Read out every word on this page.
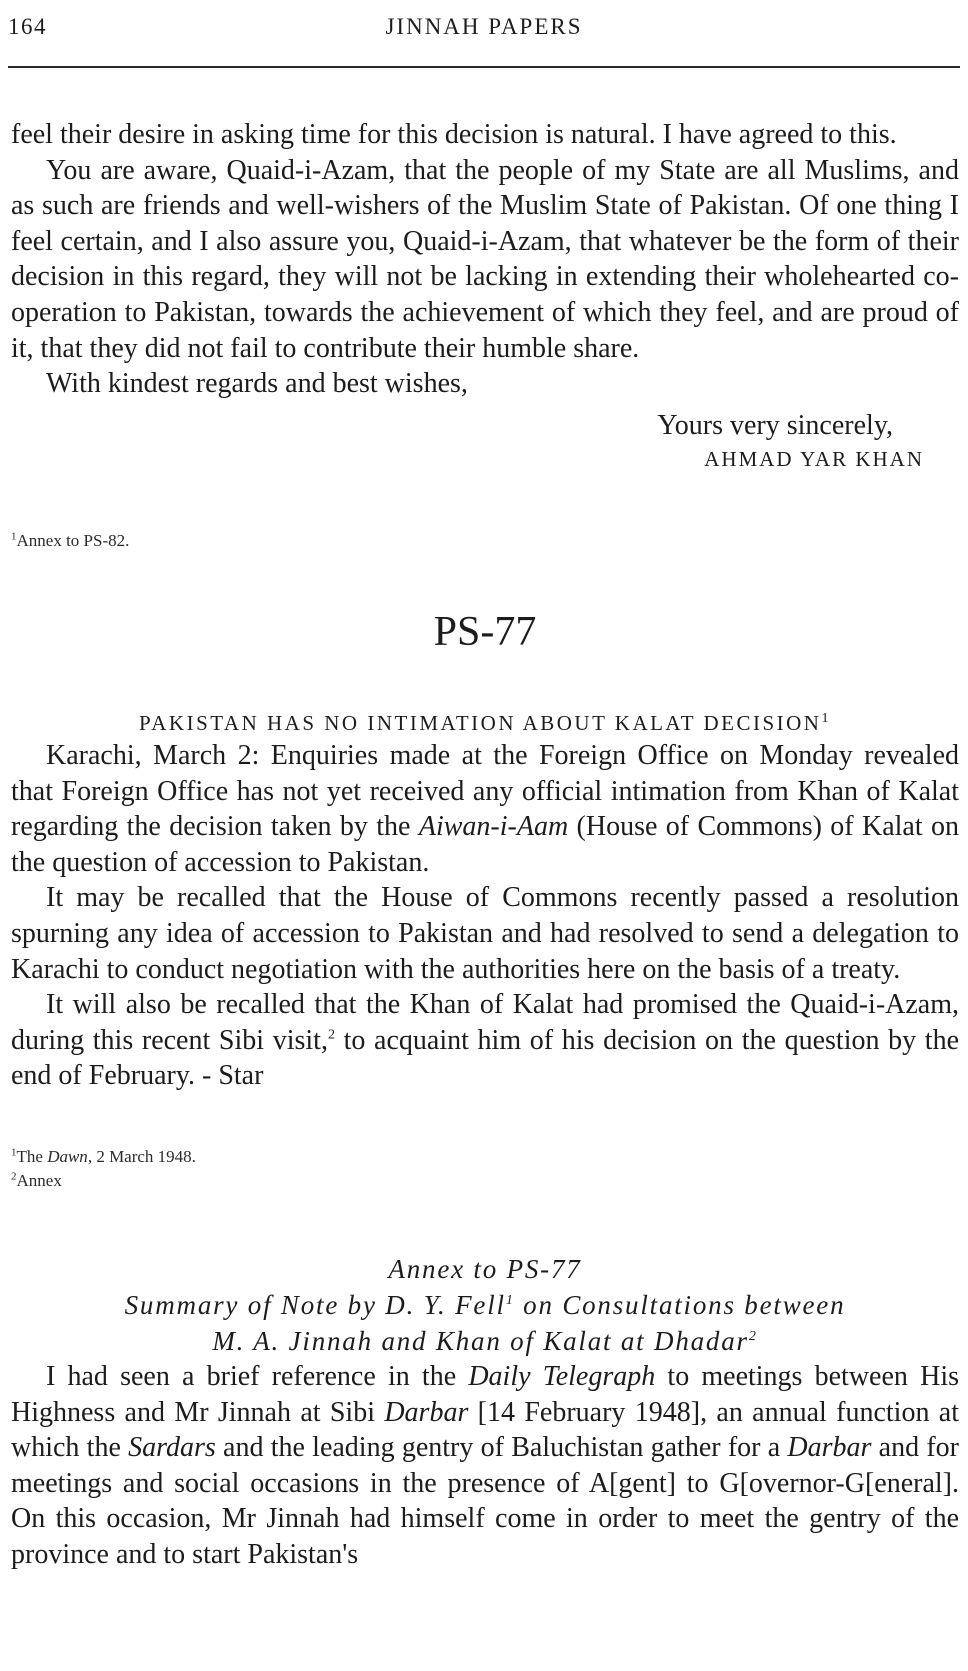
164	JINNAH PAPERS

feel their desire in asking time for this decision is natural. I have agreed to this.

You are aware, Quaid-i-Azam, that the people of my State are all Muslims, and as such are friends and well-wishers of the Muslim State of Pakistan. Of one thing I feel certain, and I also assure you, Quaid-i-Azam, that whatever be the form of their decision in this regard, they will not be lacking in extending their wholehearted co-operation to Pakistan, towards the achievement of which they feel, and are proud of it, that they did not fail to contribute their humble share.

With kindest regards and best wishes,

Yours very sincerely,

AHMAD YAR KHAN

$^1$Annex to PS-82.

PS-77

PAKISTAN HAS NO INTIMATION ABOUT KALAT DECISION$^1$

Karachi, March 2: Enquiries made at the Foreign Office on Monday revealed that Foreign Office has not yet received any official intimation from Khan of Kalat regarding the decision taken by the Aiwan-i-Aam (House of Commons) of Kalat on the question of accession to Pakistan.

It may be recalled that the House of Commons recently passed a resolution spurning any idea of accession to Pakistan and had resolved to send a delegation to Karachi to conduct negotiation with the authorities here on the basis of a treaty.

It will also be recalled that the Khan of Kalat had promised the Quaid-i-Azam, during this recent Sibi visit,$^2$ to acquaint him of his decision on the question by the end of February. - Star

$^1$The Dawn, 2 March 1948.

$^2$Annex

Annex to PS-77

Summary of Note by D. Y. Fell$^1$ on Consultations between

M. A. Jinnah and Khan of Kalat at Dhadar$^2$

I had seen a brief reference in the Daily Telegraph to meetings between His Highness and Mr Jinnah at Sibi Darbar [14 February 1948], an annual function at which the Sardars and the leading gentry of Baluchistan gather for a Darbar and for meetings and social occasions in the presence of A[gent] to G[overnor-G[eneral]. On this occasion, Mr Jinnah had himself come in order to meet the gentry of the province and to start Pakistan's
